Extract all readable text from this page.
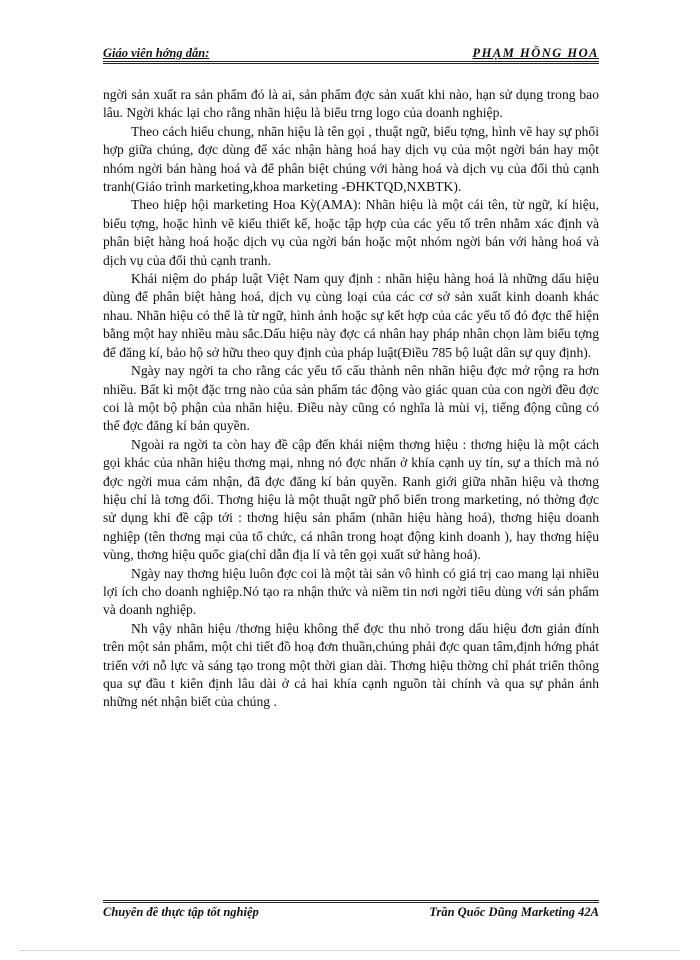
Giáo viên hớng dẫn:	PHẠM HỒNG HOA

ngời sản xuất ra sản phẩm đó là ai, sản phẩm đợc sản xuất khi nào, hạn sử dụng trong bao lâu. Ngời khác lại cho rằng nhãn hiệu là biểu trng logo của doanh nghiệp.

Theo cách hiểu chung, nhãn hiệu là tên gọi , thuật ngữ, biểu tợng, hình vẽ hay sự phối hợp giữa chúng, đợc dùng để xác nhận hàng hoá hay dịch vụ của một ngời bán hay một nhóm ngời bán hàng hoá và để phân biệt chúng với hàng hoá và dịch vụ của đối thủ cạnh tranh(Giáo trình marketing,khoa marketing -ĐHKTQD,NXBTK).

Theo hiệp hội marketing Hoa Kỳ(AMA): Nhãn hiệu là một cái tên, từ ngữ, kí hiệu, biểu tợng, hoặc hình vẽ kiểu thiết kế, hoặc tập hợp của các yếu tố trên nhằm xác định và phân biệt hàng hoá hoặc dịch vụ của ngời bán hoặc một nhóm ngời bán với hàng hoá và dịch vụ của đối thủ cạnh tranh.

Khái niệm do pháp luật Việt Nam quy định : nhãn hiệu hàng hoá là những dấu hiệu dùng để phân biệt hàng hoá, dịch vụ cùng loại của các cơ sở sản xuất kinh doanh khác nhau. Nhãn hiệu có thể là từ ngữ, hình ảnh hoặc sự kết hợp của các yếu tố đó đợc thể hiện bằng một hay nhiều màu sắc.Dấu hiệu này đợc cá nhân hay pháp nhân chọn làm biểu tợng để đăng kí, bảo hộ sở hữu theo quy định của pháp luật(Điều 785 bộ luật dân sự quy định).

Ngày nay ngời ta cho rằng các yếu tố cấu thành nên nhãn hiệu đợc mở rộng ra hơn nhiều. Bất kì một đặc trng nào của sản phẩm tác động vào giác quan của con ngời đều đợc coi là một bộ phận của nhãn hiệu. Điều này cũng có nghĩa là mùi vị, tiếng động cũng có thể đợc đăng kí bản quyền.

Ngoài ra ngời ta còn hay đề cập đến khái niệm thơng hiệu : thơng hiệu là một cách gọi khác của nhãn hiệu thơng mại, nhng nó đợc nhấn ở khía cạnh uy tín, sự a thích mà nó đợc ngời mua cảm nhận, đã đợc đăng kí bản quyền. Ranh giới giữa nhãn hiệu và thơng hiệu chỉ là tơng đối. Thơng hiệu là một thuật ngữ phổ biến trong marketing, nó thờng đợc sử dụng khi đề cập tới : thơng hiệu sản phẩm (nhãn hiệu hàng hoá), thơng hiệu doanh nghiệp (tên thơng mại của tổ chức, cá nhân trong hoạt động kinh doanh ), hay thơng hiệu vùng, thơng hiệu quốc gia(chỉ dẫn địa lí và tên gọi xuất sứ hàng hoá).

Ngày nay thơng hiệu luôn đợc coi là một tài sản vô hình có giá trị cao mang lại nhiều lợi ích cho doanh nghiệp.Nó tạo ra nhận thức và niềm tin nơi ngời tiêu dùng với sản phẩm và doanh nghiệp.

Nh vậy nhãn hiệu /thơng hiệu không thể đợc thu nhỏ trong dấu hiệu đơn giản đính trên một sản phẩm, một chi tiết đồ hoạ đơn thuần,chúng phải đợc quan tâm,định hớng phát triển với nỗ lực và sáng tạo trong một thời gian dài. Thơng hiệu thờng chỉ phát triển thông qua sự đầu t kiên định lâu dài ở cả hai khía cạnh nguồn tài chính và qua sự phản ánh những nét nhận biết của chúng .

Chuyên đề thực tập tốt nghiệp	Trần Quốc Dũng Marketing 42A
